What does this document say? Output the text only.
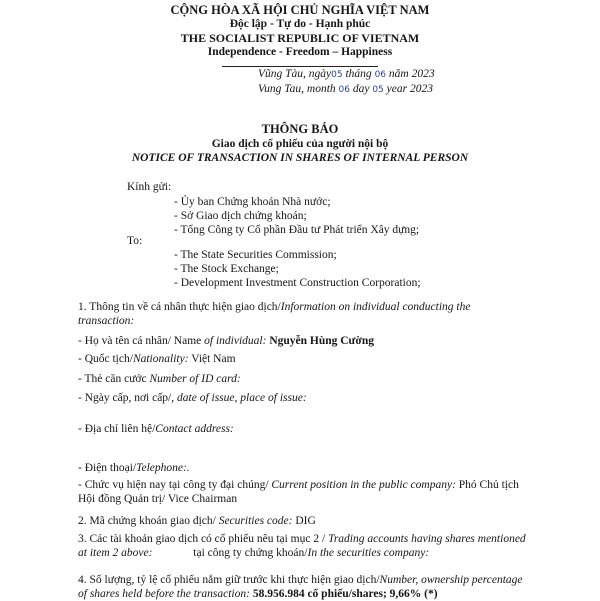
CỘNG HÒA XÃ HỘI CHỦ NGHĨA VIỆT NAM
Độc lập - Tự do - Hạnh phúc
THE SOCIALIST REPUBLIC OF VIETNAM
Independence - Freedom – Happiness
Vũng Tàu, ngày05 tháng 06 năm 2023
Vung Tau, month 06 day 05 year 2023
THÔNG BÁO
Giao dịch cổ phiếu của người nội bộ
NOTICE OF TRANSACTION IN SHARES OF INTERNAL PERSON
Kính gửi:
- Ủy ban Chứng khoán Nhà nước;
- Sở Giao dịch chứng khoán;
- Tổng Công ty Cổ phần Đầu tư Phát triển Xây dựng;
To:
- The State Securities Commission;
- The Stock Exchange;
- Development Investment Construction Corporation;
1. Thông tin về cá nhân thực hiện giao dịch/Information on individual conducting the
transaction:
- Họ và tên cá nhân/ Name of individual: Nguyễn Hùng Cường
- Quốc tịch/Nationality: Việt Nam
- Thẻ căn cước Number of ID card:
- Ngày cấp, nơi cấp/, date of issue, place of issue:
- Địa chỉ liên hệ/Contact address:
- Điện thoại/Telephone:.
- Chức vụ hiện nay tại công ty đại chúng/ Current position in the public company: Phó Chủ tịch
Hội đồng Quản trị/ Vice Chairman
2. Mã chứng khoán giao dịch/ Securities code: DIG
3. Các tài khoản giao dịch có cổ phiếu nêu tại mục 2 / Trading accounts having shares mentioned
at item 2 above:	tại công ty chứng khoán/In the securities company:
4. Số lượng, tỷ lệ cổ phiếu nắm giữ trước khi thực hiện giao dịch/Number, ownership percentage
of shares held before the transaction: 58.956.984 cổ phiếu/shares; 9,66% (*)
